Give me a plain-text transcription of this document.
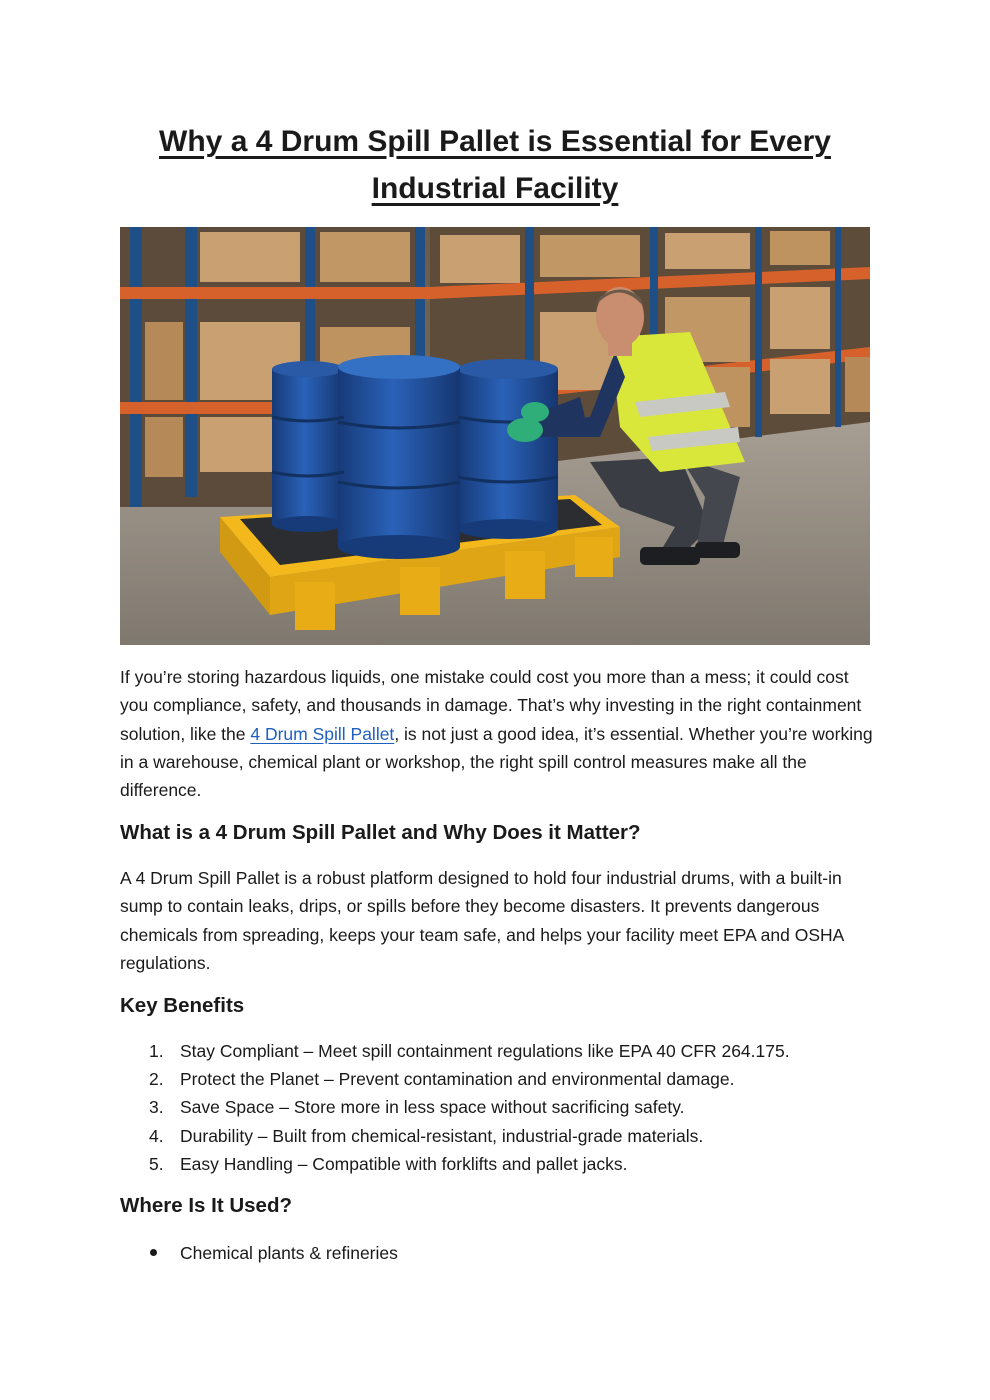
Why a 4 Drum Spill Pallet is Essential for Every
Industrial Facility

If you’re storing hazardous liquids, one mistake could cost you more than a mess; it could cost you compliance, safety, and thousands in damage. That’s why investing in the right containment solution, like the 4 Drum Spill Pallet, is not just a good idea, it’s essential. Whether you’re working in a warehouse, chemical plant or workshop, the right spill control measures make all the difference.

What is a 4 Drum Spill Pallet and Why Does it Matter?

A 4 Drum Spill Pallet is a robust platform designed to hold four industrial drums, with a built-in sump to contain leaks, drips, or spills before they become disasters. It prevents dangerous chemicals from spreading, keeps your team safe, and helps your facility meet EPA and OSHA regulations.

Key Benefits
1. Stay Compliant – Meet spill containment regulations like EPA 40 CFR 264.175.
2. Protect the Planet – Prevent contamination and environmental damage.
3. Save Space – Store more in less space without sacrificing safety.
4. Durability – Built from chemical-resistant, industrial-grade materials.
5. Easy Handling – Compatible with forklifts and pallet jacks.
Where Is It Used?
Chemical plants & refineries
